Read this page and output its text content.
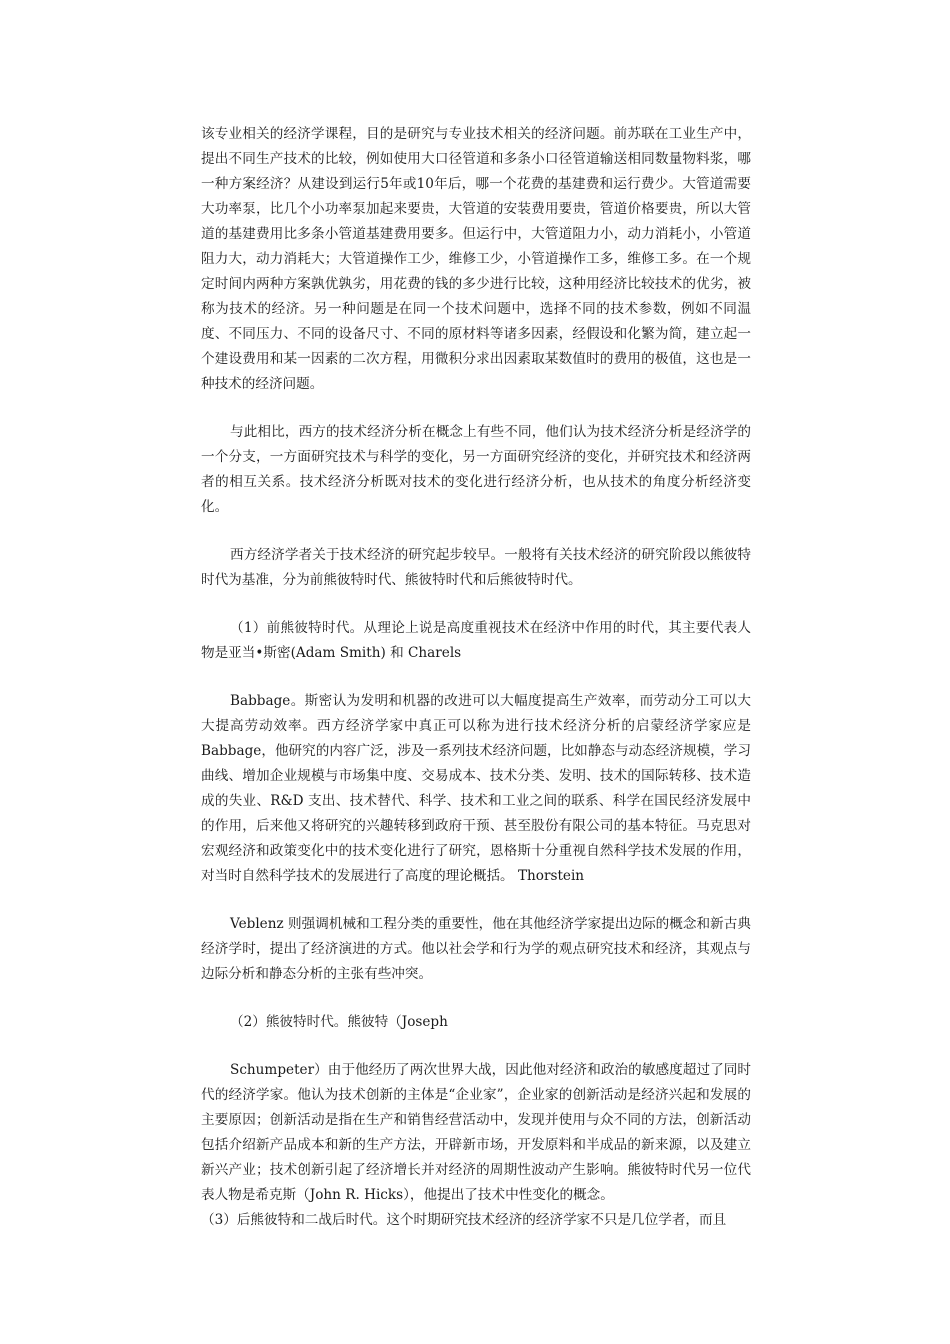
该专业相关的经济学课程，目的是研究与专业技术相关的经济问题。前苏联在工业生产中，提出不同生产技术的比较，例如使用大口径管道和多条小口径管道输送相同数量物料浆，哪一种方案经济？从建设到运行5年或10年后，哪一个花费的基建费和运行费少。大管道需要大功率泵，比几个小功率泵加起来要贵，大管道的安装费用要贵，管道价格要贵，所以大管道的基建费用比多条小管道基建费用要多。但运行中，大管道阻力小，动力消耗小，小管道阻力大，动力消耗大；大管道操作工少，维修工少，小管道操作工多，维修工多。在一个规定时间内两种方案孰优孰劣，用花费的钱的多少进行比较，这种用经济比较技术的优劣，被称为技术的经济。另一种问题是在同一个技术问题中，选择不同的技术参数，例如不同温度、不同压力、不同的设备尺寸、不同的原材料等诸多因素，经假设和化繁为简，建立起一个建设费用和某一因素的二次方程，用微积分求出因素取某数值时的费用的极值，这也是一种技术的经济问题。

与此相比，西方的技术经济分析在概念上有些不同，他们认为技术经济分析是经济学的一个分支，一方面研究技术与科学的变化，另一方面研究经济的变化，并研究技术和经济两者的相互关系。技术经济分析既对技术的变化进行经济分析，也从技术的角度分析经济变化。

西方经济学者关于技术经济的研究起步较早。一般将有关技术经济的研究阶段以熊彼特时代为基准，分为前熊彼特时代、熊彼特时代和后熊彼特时代。

（1）前熊彼特时代。从理论上说是高度重视技术在经济中作用的时代，其主要代表人物是亚当•斯密(Adam Smith) 和 Charels

Babbage。斯密认为发明和机器的改进可以大幅度提高生产效率，而劳动分工可以大大提高劳动效率。西方经济学家中真正可以称为进行技术经济分析的启蒙经济学家应是 Babbage，他研究的内容广泛，涉及一系列技术经济问题，比如静态与动态经济规模，学习曲线、增加企业规模与市场集中度、交易成本、技术分类、发明、技术的国际转移、技术造成的失业、R&D 支出、技术替代、科学、技术和工业之间的联系、科学在国民经济发展中的作用，后来他又将研究的兴趣转移到政府干预、甚至股份有限公司的基本特征。马克思对宏观经济和政策变化中的技术变化进行了研究，恩格斯十分重视自然科学技术发展的作用，对当时自然科学技术的发展进行了高度的理论概括。 Thorstein

Veblenz 则强调机械和工程分类的重要性，他在其他经济学家提出边际的概念和新古典经济学时，提出了经济演进的方式。他以社会学和行为学的观点研究技术和经济，其观点与边际分析和静态分析的主张有些冲突。

（2）熊彼特时代。熊彼特（Joseph

Schumpeter）由于他经历了两次世界大战，因此他对经济和政治的敏感度超过了同时代的经济学家。他认为技术创新的主体是“企业家”，企业家的创新活动是经济兴起和发展的主要原因；创新活动是指在生产和销售经营活动中，发现并使用与众不同的方法，创新活动包括介绍新产品成本和新的生产方法，开辟新市场，开发原料和半成品的新来源，以及建立新兴产业；技术创新引起了经济增长并对经济的周期性波动产生影响。熊彼特时代另一位代表人物是希克斯（John R. Hicks），他提出了技术中性变化的概念。

（3）后熊彼特和二战后时代。这个时期研究技术经济的经济学家不只是几位学者，而且
